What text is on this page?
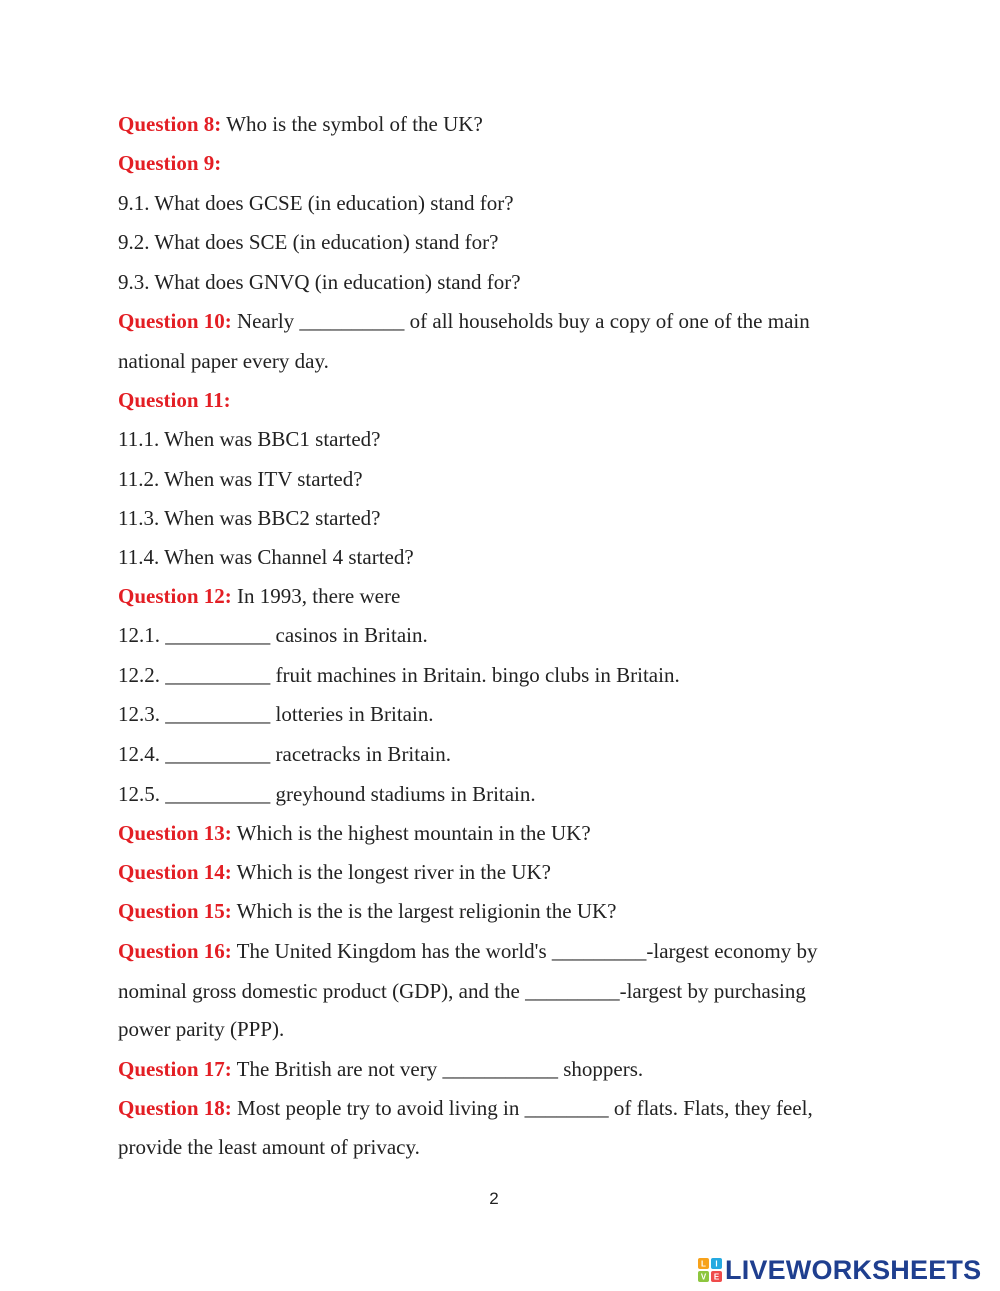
Question 8: Who is the symbol of the UK?
Question 9:
9.1. What does GCSE (in education) stand for?
9.2. What does SCE (in education) stand for?
9.3. What does GNVQ (in education) stand for?
Question 10: Nearly __________ of all households buy a copy of one of the main
national paper every day.
Question 11:
11.1. When was BBC1 started?
11.2. When was ITV started?
11.3. When was BBC2 started?
11.4. When was Channel 4 started?
Question 12: In 1993, there were
12.1. __________ casinos in Britain.
12.2. __________ fruit machines in Britain. bingo clubs in Britain.
12.3. __________ lotteries in Britain.
12.4. __________ racetracks in Britain.
12.5. __________ greyhound stadiums in Britain.
Question 13: Which is the highest mountain in the UK?
Question 14: Which is the longest river in the UK?
Question 15: Which is the is the largest religionin the UK?
Question 16: The United Kingdom has the world's _________-largest economy by
nominal gross domestic product (GDP), and the _________-largest by purchasing
power parity (PPP).
Question 17: The British are not very ___________ shoppers.
Question 18: Most people try to avoid living in ________ of flats. Flats, they feel,
provide the least amount of privacy.
2
L I
V E LIVEWORKSHEETS
